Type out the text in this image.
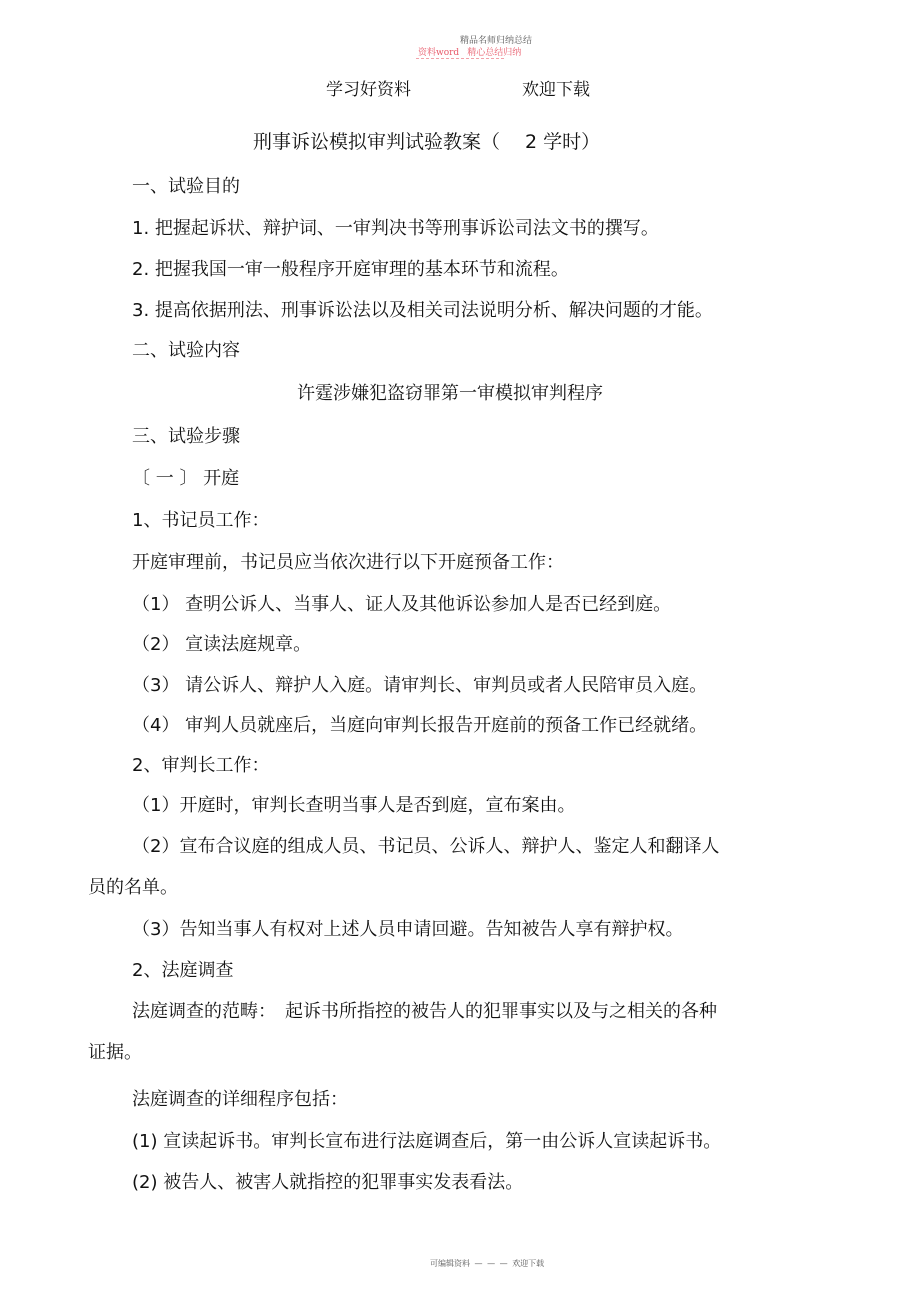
精品名师归纳总结
资料word 精心总结归纳
学习好资料	欢迎下载
刑事诉讼模拟审判试验教案（　 2 学时）
一、试验目的
1. 把握起诉状、辩护词、一审判决书等刑事诉讼司法文书的撰写。
2. 把握我国一审一般程序开庭审理的基本环节和流程。
3. 提高依据刑法、刑事诉讼法以及相关司法说明分析、解决问题的才能。
二、试验内容
许霆涉嫌犯盗窃罪第一审模拟审判程序
三、试验步骤
〔 一 〕 开庭
1、书记员工作：
开庭审理前，书记员应当依次进行以下开庭预备工作：
（1） 查明公诉人、当事人、证人及其他诉讼参加人是否已经到庭。
（2） 宣读法庭规章。
（3） 请公诉人、辩护人入庭。请审判长、审判员或者人民陪审员入庭。
（4） 审判人员就座后，当庭向审判长报告开庭前的预备工作已经就绪。
2、审判长工作：
（1）开庭时，审判长查明当事人是否到庭，宣布案由。
（2）宣布合议庭的组成人员、书记员、公诉人、辩护人、鉴定人和翻译人
员的名单。
（3）告知当事人有权对上述人员申请回避。告知被告人享有辩护权。
2、法庭调查
法庭调查的范畴：　起诉书所指控的被告人的犯罪事实以及与之相关的各种
证据。
法庭调查的详细程序包括：
(1) 宣读起诉书。审判长宣布进行法庭调查后，第一由公诉人宣读起诉书。
(2) 被告人、被害人就指控的犯罪事实发表看法。
可编辑资料 — — — 欢迎下载
